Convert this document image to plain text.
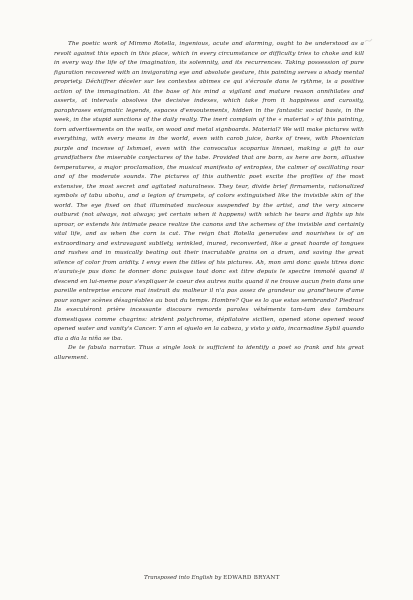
The poetic work of Mimmo Rotella, ingenious, acute and alarming, ought to be understood as a revolt against this epoch in this place, which in every circumstance or difficulty tries to choke and kill in every way the life of the imagination, its solemnity, and its recurrences. Taking possession of pure figuration recovered with an invigorating eye and absolute gesture, this painting serves a shady mental propriety. Déchiffrer déceler sur les contextes abimes ce qui s'écroule dans le rythme, is a positive action of the immagination. At the base of his mind a vigilant and mature reason annihilates and asserts, at intervals absolves the decisive indexes, which take from it happiness and curosity, paraphrases enigmatic legends, espaces d'envoutements, hidden in the fantastic social basis, in the week, in the stupid sanctions of the daily realty. The inert complain of the « material » of this painting, torn advertisements on the walls, on wood and metal signboards. Material? We will make pictures with everything, with every means in the world, even with carob juice, barks of trees, with Phoenician purple and incense of Ishmael, even with the convoculus scoparius linnaei, making a gift to our grandfathers the miserable conjectures of the tabe. Provided that are born, as here are born, allusive temperatures, a major proclamation, the musical manifesto of entropies, the calmer of oscillating roar and of the moderate sounds. The pictures of this authentic poet excite the profiles of the most extensive, the most secret and agitated naturalness. They tear, divide brief firmaments, rationalized symbols of tabu ubohu, and a legion of trumpets, of colors extinguished like the invisible skin of the world. The eye fixed on that illuminated nucleous suspended by the artist, and the very sincere outburst (not always, not always; yet certain when it happens) with which he tears and lights up his uproar, or extends his intimate peace realize the canons and the schemes of the invisible and certainly vital life, and as when the corn is cut. The reign that Rotella generates and nourishes is of an extraordinary and extravagant subtlety, wrinkled, inured, reconverted, like a great hoarde of tongues and rushes and in musically beating out their inscrutable grains on a drum, and saving the great silence of color from aridity. I envy even the titles of his pictures. Ah, mon ami donc quels titres donc n'aurais-je pus donc te donner donc puisque tout donc est titre depuis le spectre immolé quand il descend en lui-meme pour s'expliquer le coeur des autres nuits quand il ne trouve aucun frein dans une pareille entreprise encore mal instruit du malheur il n'a pas assez de grandeur ou grand'heure d'ame pour songer scènes désagréables au bout du temps. Hombre? Que es lo que estas sembrando? Piedras! Ils executéront prière incessante discours remords paroles véhéments tam-tam des tambours domestiques comme chagrins: strident polychrome, dépilatoire sicilien, opened stone opened wood opened water and vanity's Cancer. Y ann el ojuelo en la cabeza, y visto y oido, incarnadine Sybil quando dia a dia la niña se iba.

De te fabula narratur. Thus a single look is sufficient to identify a poet so frank and his great allurement.

Transposed into English by EDWARD BRYANT
